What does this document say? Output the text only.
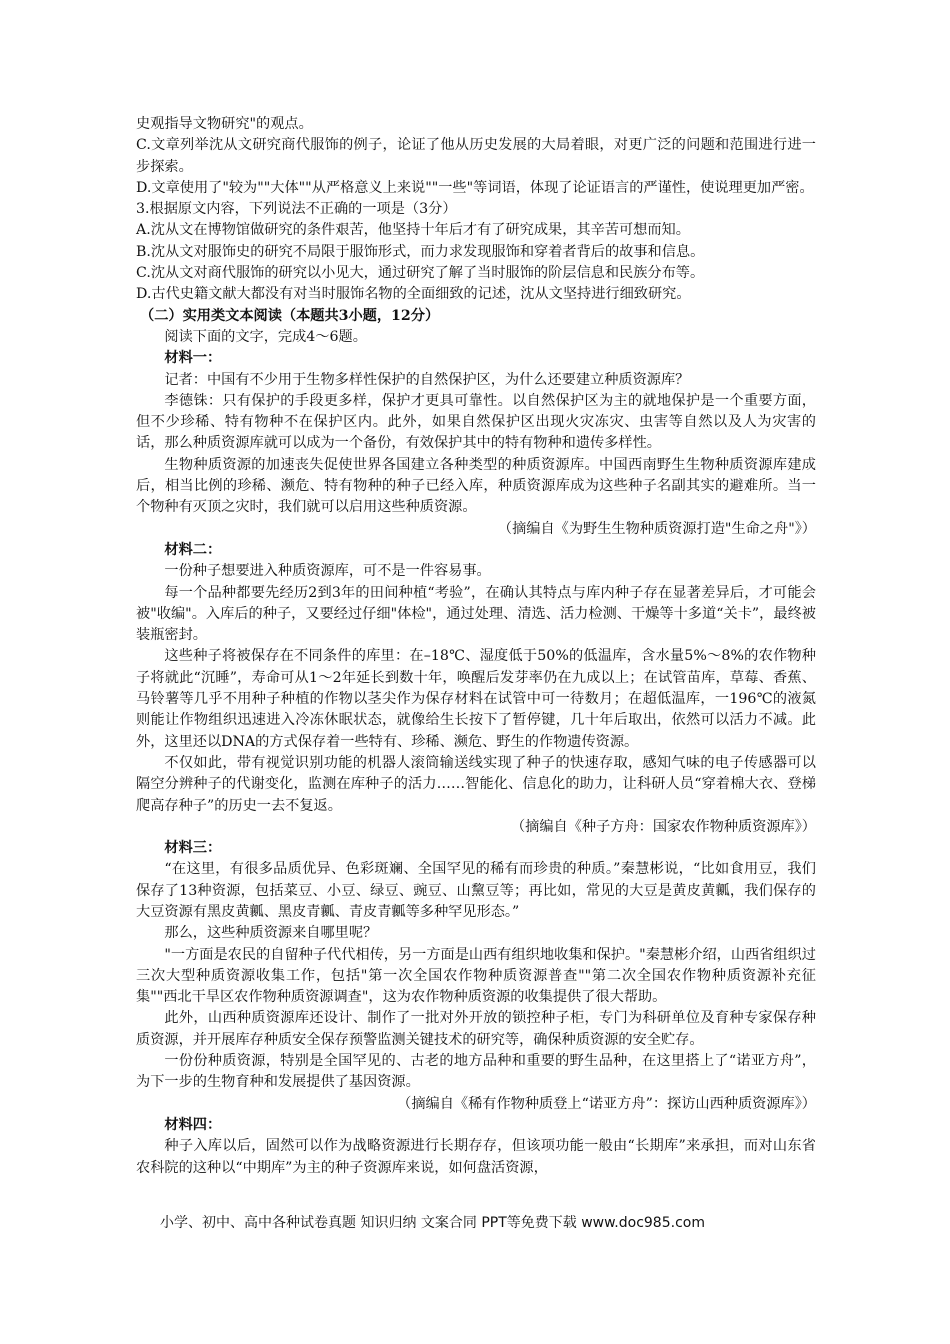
史观指导文物研究"的观点。

C.文章列举沈从文研究商代服饰的例子，论证了他从历史发展的大局着眼，对更广泛的问题和范围进行进一步探索。

D.文章使用了"较为""大体""从严格意义上来说""一些"等词语，体现了论证语言的严谨性，使说理更加严密。

3.根据原文内容，下列说法不正确的一项是（3分）

A.沈从文在博物馆做研究的条件艰苦，他坚持十年后才有了研究成果，其辛苦可想而知。

B.沈从文对服饰史的研究不局限于服饰形式，而力求发现服饰和穿着者背后的故事和信息。

C.沈从文对商代服饰的研究以小见大，通过研究了解了当时服饰的阶层信息和民族分布等。

D.古代史籍文献大都没有对当时服饰名物的全面细致的记述，沈从文坚持进行细致研究。

（二）实用类文本阅读（本题共3小题，12分）

阅读下面的文字，完成4～6题。

材料一：

记者：中国有不少用于生物多样性保护的自然保护区，为什么还要建立种质资源库？

李德铢：只有保护的手段更多样，保护才更具可靠性。以自然保护区为主的就地保护是一个重要方面，但不少珍稀、特有物种不在保护区内。此外，如果自然保护区出现火灾冻灾、虫害等自然以及人为灾害的话，那么种质资源库就可以成为一个备份，有效保护其中的特有物种和遗传多样性。

生物种质资源的加速丧失促使世界各国建立各种类型的种质资源库。中国西南野生生物种质资源库建成后，相当比例的珍稀、濒危、特有物种的种子已经入库，种质资源库成为这些种子名副其实的避难所。当一个物种有灭顶之灾时，我们就可以启用这些种质资源。

（摘编自《为野生生物种质资源打造"生命之舟"》）

材料二：

一份种子想要进入种质资源库，可不是一件容易事。

每一个品种都要先经历2到3年的田间种植“考验”，在确认其特点与库内种子存在显著差异后，才可能会被"收编"。入库后的种子，又要经过仔细"体检"，通过处理、清选、活力检测、干燥等十多道“关卡”，最终被装瓶密封。

这些种子将被保存在不同条件的库里：在–18℃、湿度低于50%的低温库，含水量5%～8%的农作物种子将就此“沉睡”，寿命可从1～2年延长到数十年，唤醒后发芽率仍在九成以上；在试管苗库，草莓、香蕉、马铃薯等几乎不用种子种植的作物以茎尖作为保存材料在试管中可一待数月；在超低温库，一196℃的液氮则能让作物组织迅速进入冷冻休眠状态，就像给生长按下了暂停键，几十年后取出，依然可以活力不减。此外，这里还以DNA的方式保存着一些特有、珍稀、濒危、野生的作物遗传资源。

不仅如此，带有视觉识别功能的机器人滚筒输送线实现了种子的快速存取，感知气味的电子传感器可以隔空分辨种子的代谢变化，监测在库种子的活力……智能化、信息化的助力，让科研人员“穿着棉大衣、登梯爬高存种子”的历史一去不复返。

（摘编自《种子方舟：国家农作物种质资源库》）

材料三：

“在这里，有很多品质优异、色彩斑斓、全国罕见的稀有而珍贵的种质。”秦慧彬说，“比如食用豆，我们保存了13种资源，包括菜豆、小豆、绿豆、豌豆、山黧豆等；再比如，常见的大豆是黄皮黄瓤，我们保存的大豆资源有黑皮黄瓤、黑皮青瓤、青皮青瓤等多种罕见形态。”

那么，这些种质资源来自哪里呢？

"一方面是农民的自留种子代代相传，另一方面是山西有组织地收集和保护。"秦慧彬介绍，山西省组织过三次大型种质资源收集工作，包括"第一次全国农作物种质资源普查""第二次全国农作物种质资源补充征集""西北干旱区农作物种质资源调查"，这为农作物种质资源的收集提供了很大帮助。

此外，山西种质资源库还设计、制作了一批对外开放的锁控种子柜，专门为科研单位及育种专家保存种质资源，并开展库存种质安全保存预警监测关键技术的研究等，确保种质资源的安全贮存。

一份份种质资源，特别是全国罕见的、古老的地方品种和重要的野生品种，在这里搭上了“诺亚方舟”，为下一步的生物育种和发展提供了基因资源。

（摘编自《稀有作物种质登上“诺亚方舟”：探访山西种质资源库》）

材料四：

种子入库以后，固然可以作为战略资源进行长期存存，但该项功能一般由“长期库”来承担，而对山东省农科院的这种以“中期库”为主的种子资源库来说，如何盘活资源，

小学、初中、高中各种试卷真题 知识归纳 文案合同 PPT等免费下载 www.doc985.com
